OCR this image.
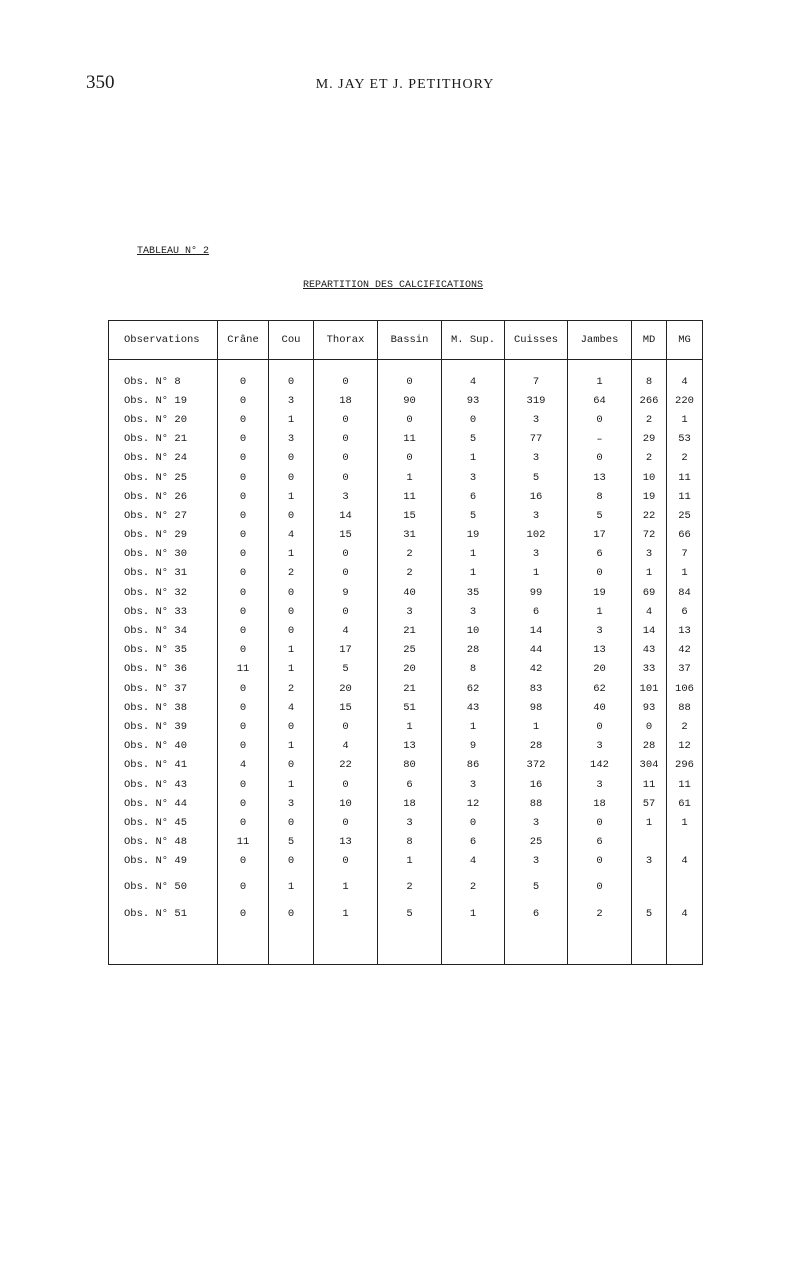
350	M. JAY ET J. PETITHORY
TABLEAU N° 2
REPARTITION DES CALCIFICATIONS
Observations	Crâne	Cou	Thorax	Bassin	M. Sup.	Cuisses	Jambes	MD	MG
Obs. N° 8	0	0	0	0	4	7	1	8	4
Obs. N° 19	0	3	18	90	93	319	64	266	220
Obs. N° 20	0	1	0	0	0	3	0	2	1
Obs. N° 21	0	3	0	11	5	77	–	29	53
Obs. N° 24	0	0	0	0	1	3	0	2	2
Obs. N° 25	0	0	0	1	3	5	13	10	11
Obs. N° 26	0	1	3	11	6	16	8	19	11
Obs. N° 27	0	0	14	15	5	3	5	22	25
Obs. N° 29	0	4	15	31	19	102	17	72	66
Obs. N° 30	0	1	0	2	1	3	6	3	7
Obs. N° 31	0	2	0	2	1	1	0	1	1
Obs. N° 32	0	0	9	40	35	99	19	69	84
Obs. N° 33	0	0	0	3	3	6	1	4	6
Obs. N° 34	0	0	4	21	10	14	3	14	13
Obs. N° 35	0	1	17	25	28	44	13	43	42
Obs. N° 36	11	1	5	20	8	42	20	33	37
Obs. N° 37	0	2	20	21	62	83	62	101	106
Obs. N° 38	0	4	15	51	43	98	40	93	88
Obs. N° 39	0	0	0	1	1	1	0	0	2
Obs. N° 40	0	1	4	13	9	28	3	28	12
Obs. N° 41	4	0	22	80	86	372	142	304	296
Obs. N° 43	0	1	0	6	3	16	3	11	11
Obs. N° 44	0	3	10	18	12	88	18	57	61
Obs. N° 45	0	0	0	3	0	3	0	1	1
Obs. N° 48	11	5	13	8	6	25	6		
Obs. N° 49	0	0	0	1	4	3	0	3	4
Obs. N° 50	0	1	1	2	2	5	0		
Obs. N° 51	0	0	1	5	1	6	2	5	4
